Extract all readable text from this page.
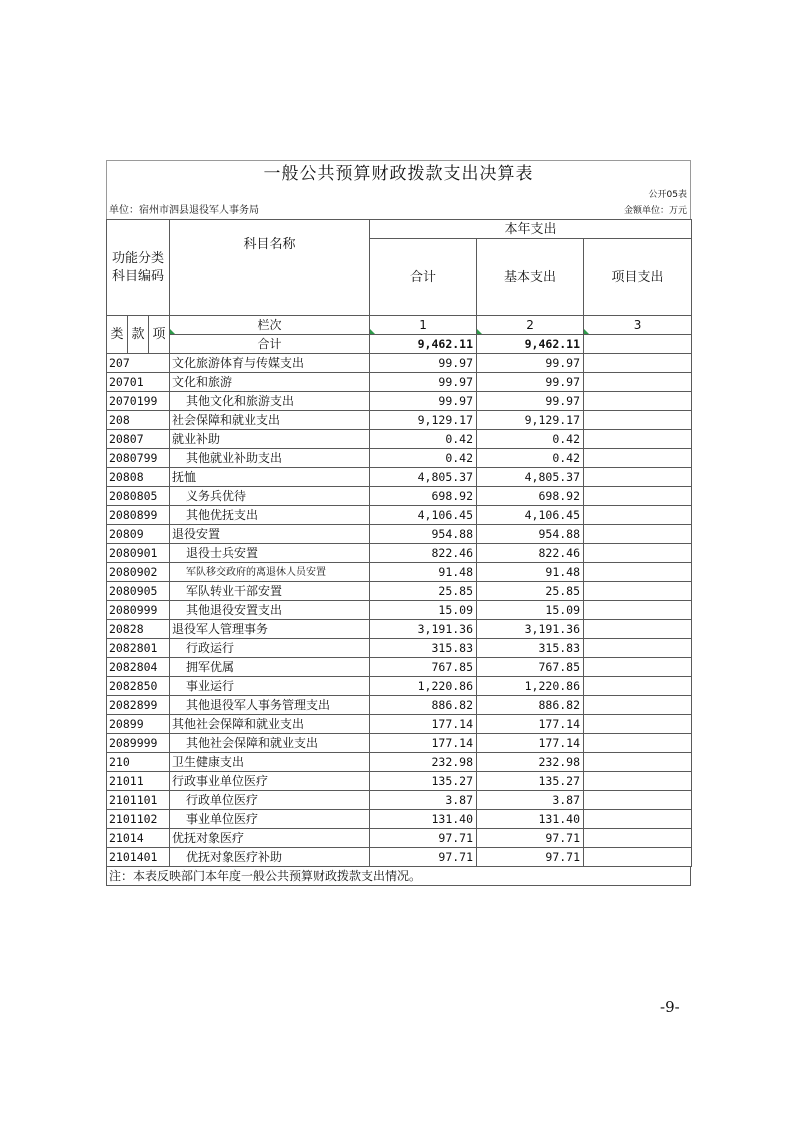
一般公共预算财政拨款支出决算表
公开05表
单位：宿州市泗县退役军人事务局	金额单位：万元
功能分类科目编码			科目名称	本年支出		
				合计	基本支出	项目支出
类	款	项	栏次	1	2	3
			合计	9,462.11	9,462.11	
207			文化旅游体育与传媒支出	99.97	99.97	
20701			文化和旅游	99.97	99.97	
2070199			其他文化和旅游支出	99.97	99.97	
208			社会保障和就业支出	9,129.17	9,129.17	
20807			就业补助	0.42	0.42	
2080799			其他就业补助支出	0.42	0.42	
20808			抚恤	4,805.37	4,805.37	
2080805			义务兵优待	698.92	698.92	
2080899			其他优抚支出	4,106.45	4,106.45	
20809			退役安置	954.88	954.88	
2080901			退役士兵安置	822.46	822.46	
2080902			军队移交政府的离退休人员安置	91.48	91.48	
2080905			军队转业干部安置	25.85	25.85	
2080999			其他退役安置支出	15.09	15.09	
20828			退役军人管理事务	3,191.36	3,191.36	
2082801			行政运行	315.83	315.83	
2082804			拥军优属	767.85	767.85	
2082850			事业运行	1,220.86	1,220.86	
2082899			其他退役军人事务管理支出	886.82	886.82	
20899			其他社会保障和就业支出	177.14	177.14	
2089999			其他社会保障和就业支出	177.14	177.14	
210			卫生健康支出	232.98	232.98	
21011			行政事业单位医疗	135.27	135.27	
2101101			行政单位医疗	3.87	3.87	
2101102			事业单位医疗	131.40	131.40	
21014			优抚对象医疗	97.71	97.71	
2101401			优抚对象医疗补助	97.71	97.71	
注：本表反映部门本年度一般公共预算财政拨款支出情况。
-9-
